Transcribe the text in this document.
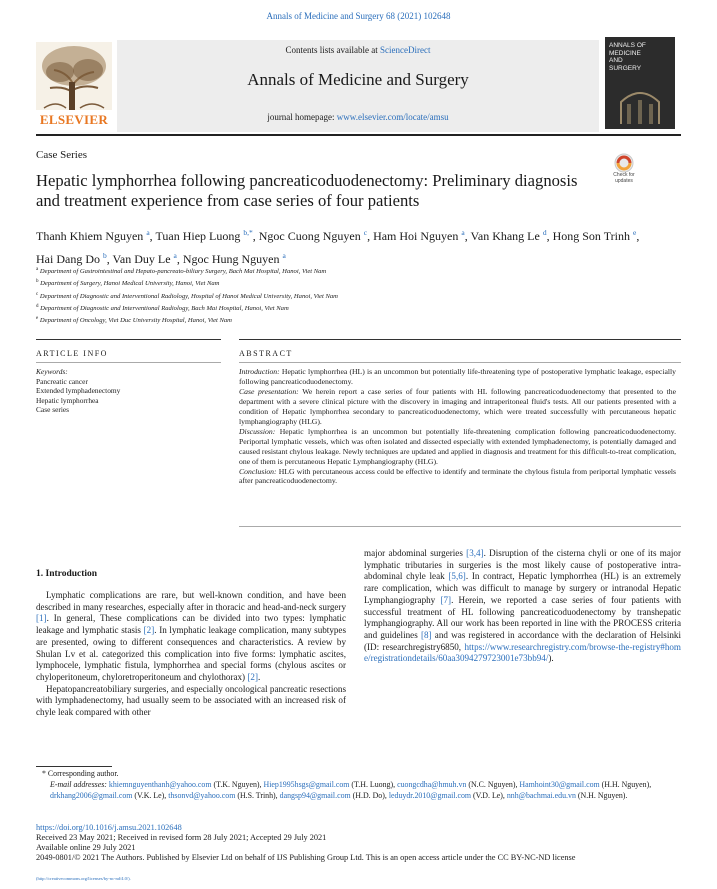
Annals of Medicine and Surgery 68 (2021) 102648
Contents lists available at ScienceDirect
Annals of Medicine and Surgery
journal homepage: www.elsevier.com/locate/amsu
ELSEVIER
ANNALS OF
MEDICINE
AND
SURGERY
Case Series
Check for
updates
Hepatic lymphorrhea following pancreaticoduodenectomy: Preliminary diagnosis and treatment experience from case series of four patients
Thanh Khiem Nguyen $^a$, Tuan Hiep Luong $^{b,*}$, Ngoc Cuong Nguyen $^c$, Ham Hoi Nguyen $^a$, Van Khang Le $^d$, Hong Son Trinh $^e$, Hai Dang Do $^b$, Van Duy Le $^a$, Ngoc Hung Nguyen $^a$
$^a$ Department of Gastrointestinal and Hepato-pancreato-biliary Surgery, Bach Mai Hospital, Hanoi, Viet Nam
$^b$ Department of Surgery, Hanoi Medical University, Hanoi, Viet Nam
$^c$ Department of Diagnostic and Interventional Radiology, Hospital of Hanoi Medical University, Hanoi, Viet Nam
$^d$ Department of Diagnostic and Interventional Radiology, Bach Mai Hospital, Hanoi, Viet Nam
$^e$ Department of Oncology, Viet Duc University Hospital, Hanoi, Viet Nam
ARTICLE INFO	ABSTRACT
Keywords:
Pancreatic cancer
Extended lymphadenectomy
Hepatic lymphorrhea
Case series

Introduction: Hepatic lymphorrhea (HL) is an uncommon but potentially life-threatening type of postoperative lymphatic leakage, especially following pancreaticoduodenectomy.

Case presentation: We herein report a case series of four patients with HL following pancreaticoduodenectomy that presented to the department with a severe clinical picture with the discovery in imaging and intraperitoneal fluid's tests. All our patients presented with a condition of Hepatic lymphorrhea secondary to pancreaticoduodenectomy, which were treated successfully with percutaneous hepatic lymphangiography (HLG).

Discussion: Hepatic lymphorrhea is an uncommon but potentially life-threatening complication following pancreaticoduodenectomy. Periportal lymphatic vessels, which was often isolated and dissected especially with extended lymphadenectomy, is potentially damaged and caused resistant chylous leakage. Newly techniques are updated and applied in diagnosis and treatment for this difficult-to-treat complication, one of them is percutaneous Hepatic Lymphangiography (HLG).

Conclusion: HLG with percutaneous access could be effective to identify and terminate the chylous fistula from periportal lymphatic vessels after pancreaticoduodenectomy.

1. Introduction

Lymphatic complications are rare, but well-known condition, and have been described in many researches, especially after in thoracic and head-and-neck surgery [1]. In general, These complications can be divided into two types: lymphatic leakage and lymphatic stasis [2]. In lymphatic leakage complication, many subtypes are presented, owing to different consequences and characteristics. A review by Shulan Lv et al. categorized this complication into five forms: lymphatic ascites, lymphocele, lymphatic fistula, lymphorrhea and special forms (chylous ascites or chyloperitoneum, chyloretroperitoneum and chylothorax) [2].

Hepatopancreatobiliary surgeries, and especially oncological pancreatic resections with lymphadenectomy, had usually seem to be associated with an increased risk of chyle leak compared with other

major abdominal surgeries [3,4]. Disruption of the cisterna chyli or one of its major lymphatic tributaries in surgeries is the most likely cause of postoperative intra-abdominal chyle leak [5,6]. In contract, Hepatic lymphorrhea (HL) is an extremely rare complication, which was difficult to manage by surgery or intranodal Hepatic Lymphangiography [7]. Herein, we reported a case series of four patients with successful treatment of HL following pancreaticoduodenectomy by transhepatic lymphangiography. All our work has been reported in line with the PROCESS criteria and guidelines [8] and was registered in accordance with the declaration of Helsinki (ID: researchregistry6850, https://www.researchregistry.com/browse-the-registry#home/registrationdetails/60aa3094279723001e73bb94/).

* Corresponding author.

E-mail addresses: khiemnguyenthanh@yahoo.com (T.K. Nguyen), Hiep1995hsgs@gmail.com (T.H. Luong), cuongcdha@hmuh.vn (N.C. Nguyen), Hamhoint30@gmail.com (H.H. Nguyen), drkhang2006@gmail.com (V.K. Le), thsonvd@yahoo.com (H.S. Trinh), dangsp94@gmail.com (H.D. Do), leduydr.2010@gmail.com (V.D. Le), nnh@bachmai.edu.vn (N.H. Nguyen).

https://doi.org/10.1016/j.amsu.2021.102648

Received 23 May 2021; Received in revised form 28 July 2021; Accepted 29 July 2021

Available online 29 July 2021

2049-0801/© 2021 The Authors. Published by Elsevier Ltd on behalf of IJS Publishing Group Ltd. This is an open access article under the CC BY-NC-ND license

(http://creativecommons.org/licenses/by-nc-nd/4.0/).
